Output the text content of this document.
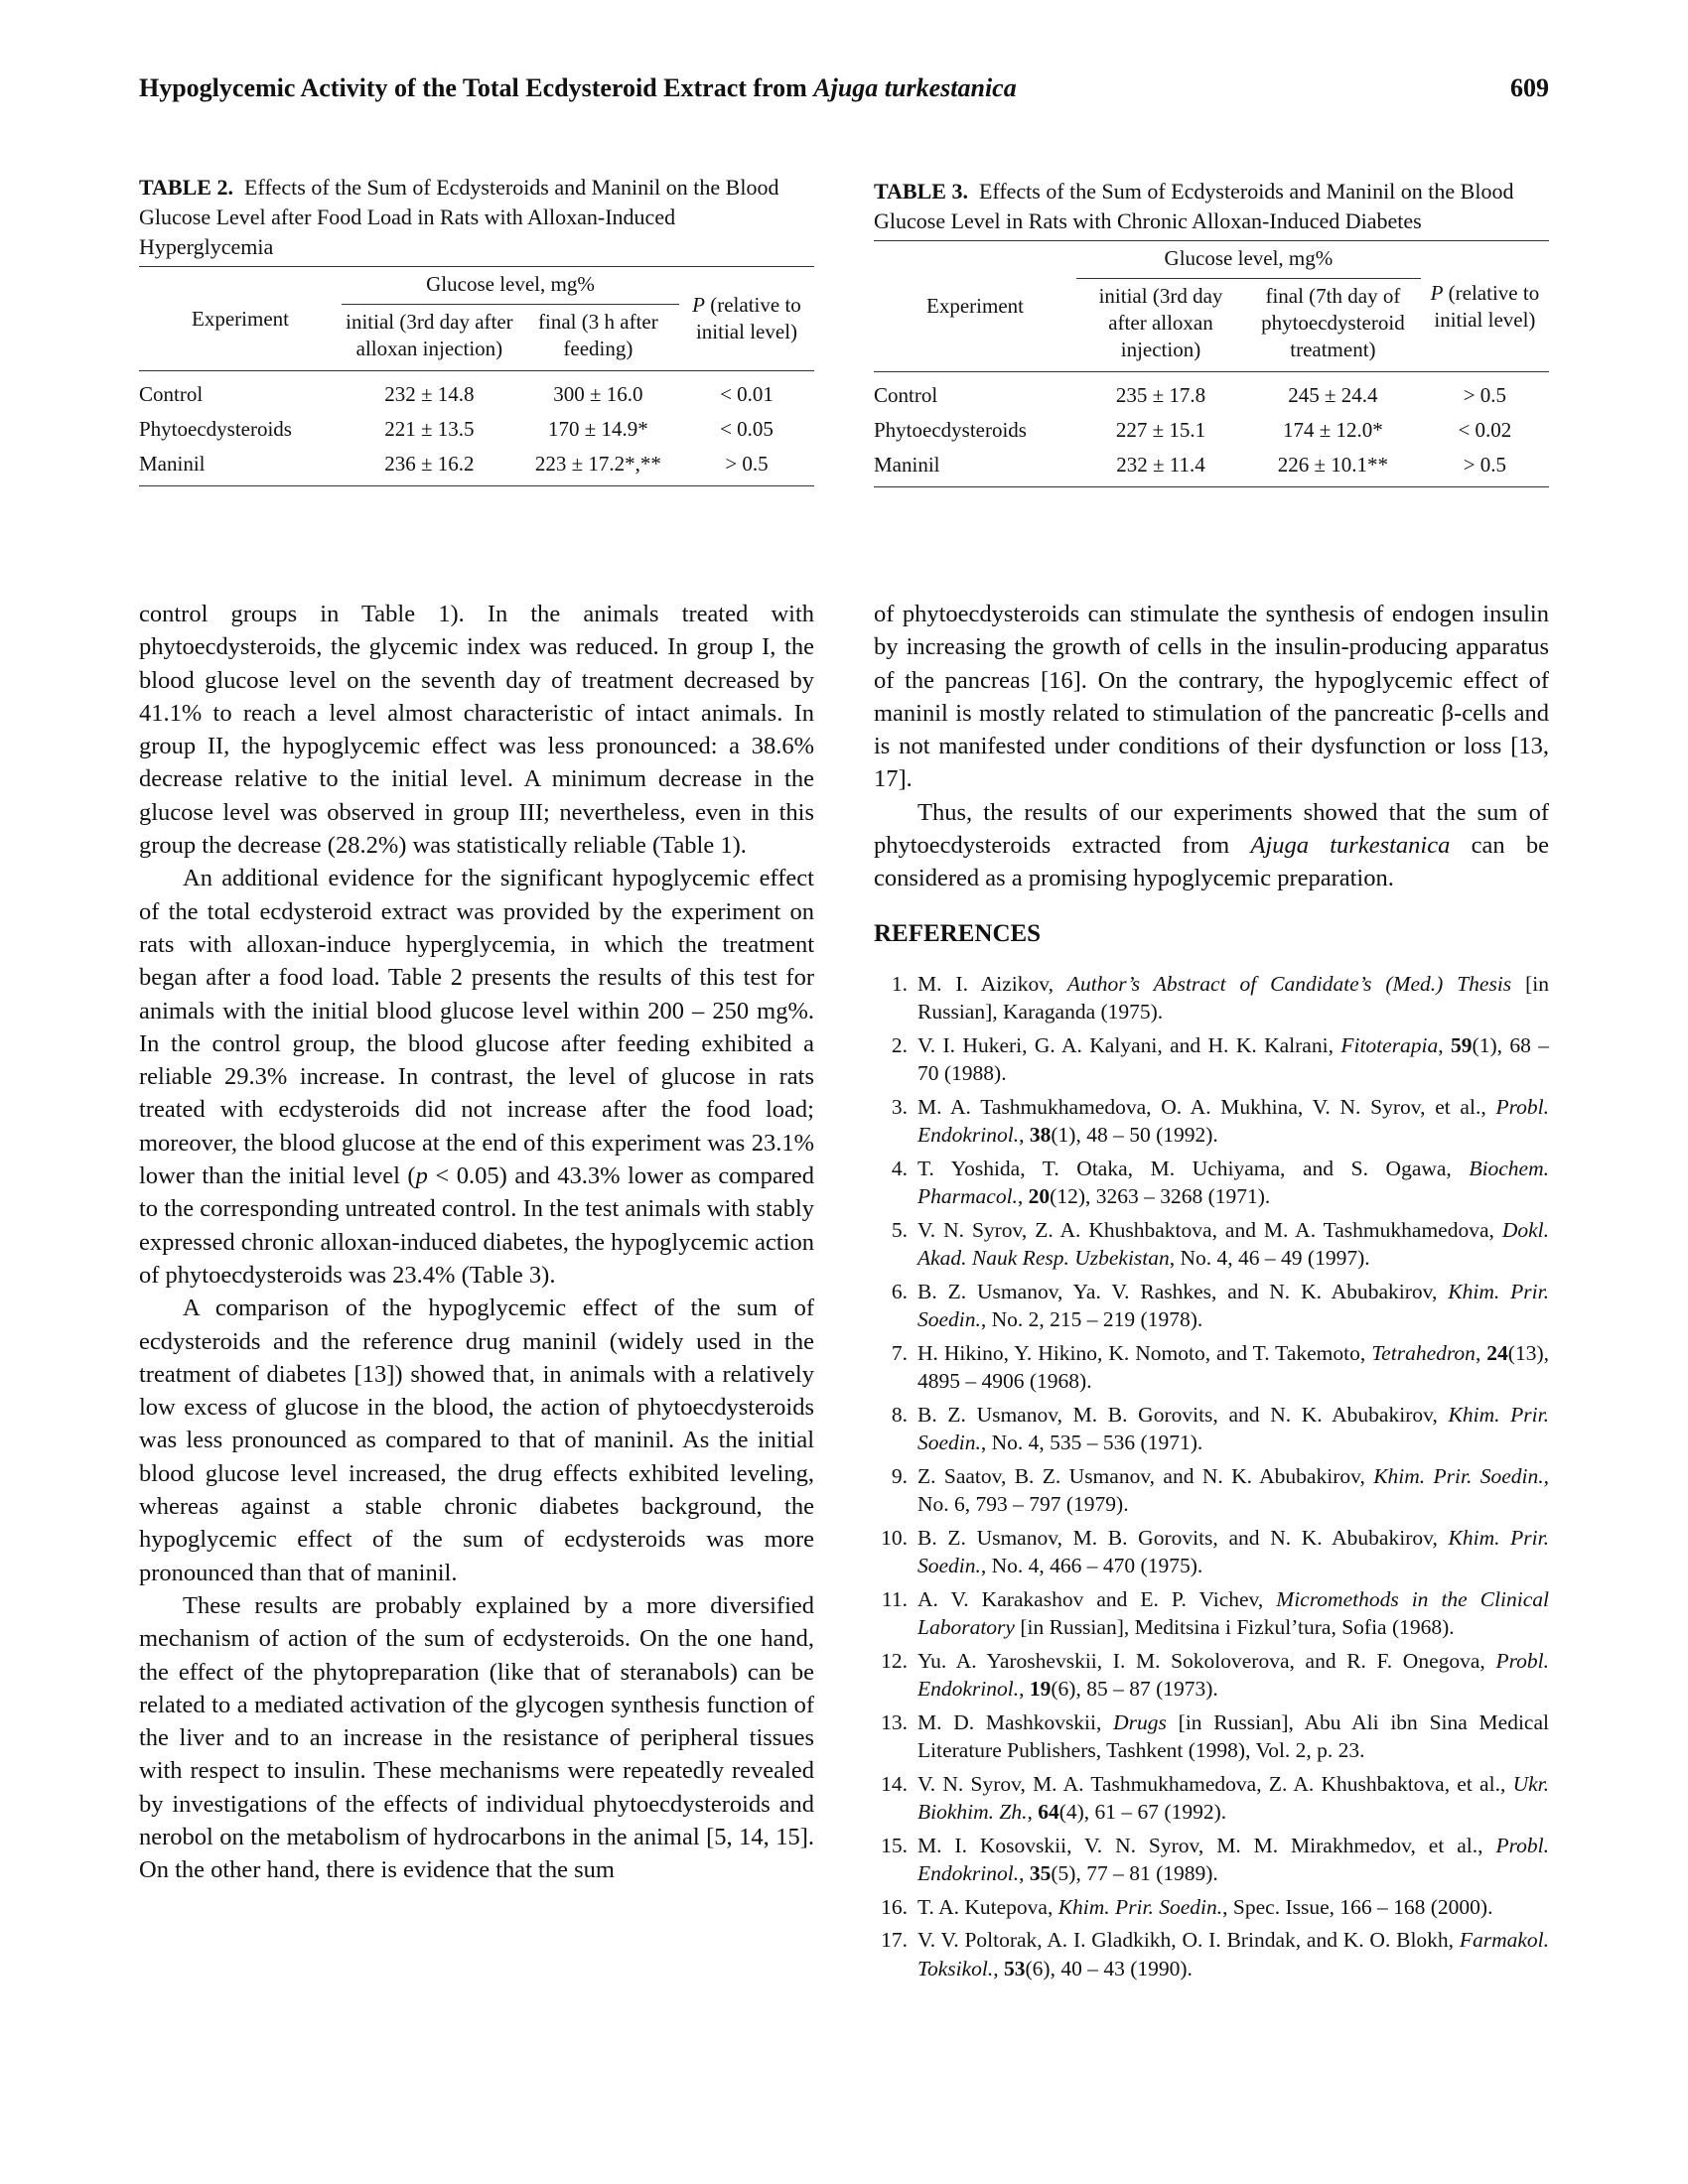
Hypoglycemic Activity of the Total Ecdysteroid Extract from Ajuga turkestanica	609

TABLE 2. Effects of the Sum of Ecdysteroids and Maninil on the Blood Glucose Level after Food Load in Rats with Alloxan-Induced Hyperglycemia

Experiment	Glucose level, mg%		P (relative to initial level)
	initial (3rd day after alloxan injection)	final (3 h after feeding)	
Control	232 ± 14.8	300 ± 16.0	< 0.01
Phytoecdysteroids	221 ± 13.5	170 ± 14.9*	< 0.05
Maninil	236 ± 16.2	223 ± 17.2*,**	> 0.5

TABLE 3. Effects of the Sum of Ecdysteroids and Maninil on the Blood Glucose Level in Rats with Chronic Alloxan-Induced Diabetes

Experiment	Glucose level, mg%		P (relative to initial level)
	initial (3rd day after alloxan injection)	final (7th day of phytoecdysteroid treatment)	
Control	235 ± 17.8	245 ± 24.4	> 0.5
Phytoecdysteroids	227 ± 15.1	174 ± 12.0*	< 0.02
Maninil	232 ± 11.4	226 ± 10.1**	> 0.5

control groups in Table 1). In the animals treated with phytoecdysteroids, the glycemic index was reduced. In group I, the blood glucose level on the seventh day of treatment decreased by 41.1% to reach a level almost characteristic of intact animals. In group II, the hypoglycemic effect was less pronounced: a 38.6% decrease relative to the initial level. A minimum decrease in the glucose level was observed in group III; nevertheless, even in this group the decrease (28.2%) was statistically reliable (Table 1).

An additional evidence for the significant hypoglycemic effect of the total ecdysteroid extract was provided by the experiment on rats with alloxan-induce hyperglycemia, in which the treatment began after a food load. Table 2 presents the results of this test for animals with the initial blood glucose level within 200 – 250 mg%. In the control group, the blood glucose after feeding exhibited a reliable 29.3% increase. In contrast, the level of glucose in rats treated with ecdysteroids did not increase after the food load; moreover, the blood glucose at the end of this experiment was 23.1% lower than the initial level (p < 0.05) and 43.3% lower as compared to the corresponding untreated control. In the test animals with stably expressed chronic alloxan-induced diabetes, the hypoglycemic action of phytoecdysteroids was 23.4% (Table 3).

A comparison of the hypoglycemic effect of the sum of ecdysteroids and the reference drug maninil (widely used in the treatment of diabetes [13]) showed that, in animals with a relatively low excess of glucose in the blood, the action of phytoecdysteroids was less pronounced as compared to that of maninil. As the initial blood glucose level increased, the drug effects exhibited leveling, whereas against a stable chronic diabetes background, the hypoglycemic effect of the sum of ecdysteroids was more pronounced than that of maninil.

These results are probably explained by a more diversified mechanism of action of the sum of ecdysteroids. On the one hand, the effect of the phytopreparation (like that of steranabols) can be related to a mediated activation of the glycogen synthesis function of the liver and to an increase in the resistance of peripheral tissues with respect to insulin. These mechanisms were repeatedly revealed by investigations of the effects of individual phytoecdysteroids and nerobol on the metabolism of hydrocarbons in the animal [5, 14, 15]. On the other hand, there is evidence that the sum

of phytoecdysteroids can stimulate the synthesis of endogen insulin by increasing the growth of cells in the insulin-producing apparatus of the pancreas [16]. On the contrary, the hypoglycemic effect of maninil is mostly related to stimulation of the pancreatic β-cells and is not manifested under conditions of their dysfunction or loss [13, 17].

Thus, the results of our experiments showed that the sum of phytoecdysteroids extracted from Ajuga turkestanica can be considered as a promising hypoglycemic preparation.

REFERENCES
1. M. I. Aizikov, Author’s Abstract of Candidate’s (Med.) Thesis [in Russian], Karaganda (1975).
2. V. I. Hukeri, G. A. Kalyani, and H. K. Kalrani, Fitoterapia, 59(1), 68 – 70 (1988).
3. M. A. Tashmukhamedova, O. A. Mukhina, V. N. Syrov, et al., Probl. Endokrinol., 38(1), 48 – 50 (1992).
4. T. Yoshida, T. Otaka, M. Uchiyama, and S. Ogawa, Biochem. Pharmacol., 20(12), 3263 – 3268 (1971).
5. V. N. Syrov, Z. A. Khushbaktova, and M. A. Tashmukhamedova, Dokl. Akad. Nauk Resp. Uzbekistan, No. 4, 46 – 49 (1997).
6. B. Z. Usmanov, Ya. V. Rashkes, and N. K. Abubakirov, Khim. Prir. Soedin., No. 2, 215 – 219 (1978).
7. H. Hikino, Y. Hikino, K. Nomoto, and T. Takemoto, Tetrahedron, 24(13), 4895 – 4906 (1968).
8. B. Z. Usmanov, M. B. Gorovits, and N. K. Abubakirov, Khim. Prir. Soedin., No. 4, 535 – 536 (1971).
9. Z. Saatov, B. Z. Usmanov, and N. K. Abubakirov, Khim. Prir. Soedin., No. 6, 793 – 797 (1979).
10. B. Z. Usmanov, M. B. Gorovits, and N. K. Abubakirov, Khim. Prir. Soedin., No. 4, 466 – 470 (1975).
11. A. V. Karakashov and E. P. Vichev, Micromethods in the Clinical Laboratory [in Russian], Meditsina i Fizkul’tura, Sofia (1968).
12. Yu. A. Yaroshevskii, I. M. Sokoloverova, and R. F. Onegova, Probl. Endokrinol., 19(6), 85 – 87 (1973).
13. M. D. Mashkovskii, Drugs [in Russian], Abu Ali ibn Sina Medical Literature Publishers, Tashkent (1998), Vol. 2, p. 23.
14. V. N. Syrov, M. A. Tashmukhamedova, Z. A. Khushbaktova, et al., Ukr. Biokhim. Zh., 64(4), 61 – 67 (1992).
15. M. I. Kosovskii, V. N. Syrov, M. M. Mirakhmedov, et al., Probl. Endokrinol., 35(5), 77 – 81 (1989).
16. T. A. Kutepova, Khim. Prir. Soedin., Spec. Issue, 166 – 168 (2000).
17. V. V. Poltorak, A. I. Gladkikh, O. I. Brindak, and K. O. Blokh, Farmakol. Toksikol., 53(6), 40 – 43 (1990).
